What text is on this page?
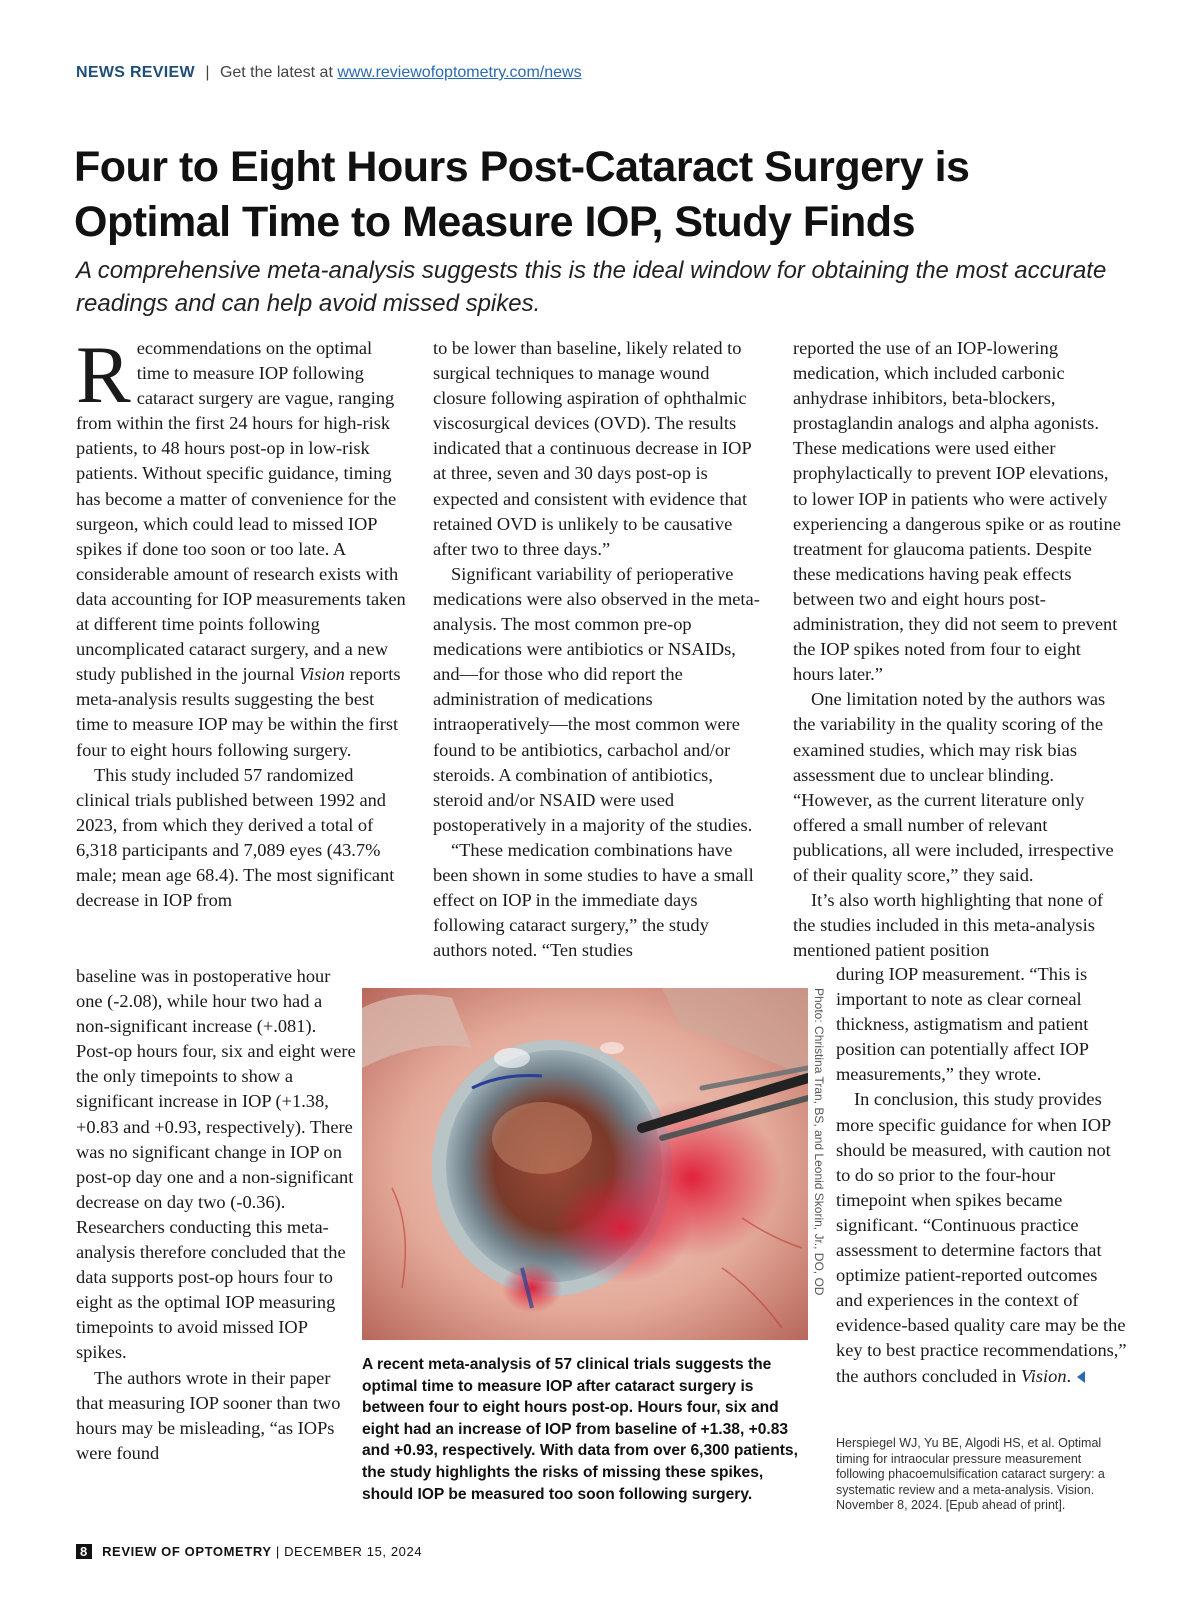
NEWS REVIEW | Get the latest at www.reviewofoptometry.com/news
Four to Eight Hours Post-Cataract Surgery is Optimal Time to Measure IOP, Study Finds
A comprehensive meta-analysis suggests this is the ideal window for obtaining the most accurate readings and can help avoid missed spikes.

Recommendations on the optimal time to measure IOP following cataract surgery are vague, ranging from within the first 24 hours for high-risk patients, to 48 hours post-op in low-risk patients. Without specific guidance, timing has become a matter of convenience for the surgeon, which could lead to missed IOP spikes if done too soon or too late. A considerable amount of research exists with data accounting for IOP measurements taken at different time points following uncomplicated cataract surgery, and a new study published in the journal Vision reports meta-analysis results suggesting the best time to measure IOP may be within the first four to eight hours following surgery.

This study included 57 randomized clinical trials published between 1992 and 2023, from which they derived a total of 6,318 participants and 7,089 eyes (43.7% male; mean age 68.4). The most significant decrease in IOP from

baseline was in postoperative hour one (-2.08), while hour two had a non-significant increase (+.081). Post-op hours four, six and eight were the only timepoints to show a significant increase in IOP (+1.38, +0.83 and +0.93, respectively). There was no significant change in IOP on post-op day one and a non-significant decrease on day two (-0.36). Researchers conducting this meta-analysis therefore concluded that the data supports post-op hours four to eight as the optimal IOP measuring timepoints to avoid missed IOP spikes.

The authors wrote in their paper that measuring IOP sooner than two hours may be misleading, “as IOPs were found

to be lower than baseline, likely related to surgical techniques to manage wound closure following aspiration of ophthalmic viscosurgical devices (OVD). The results indicated that a continuous decrease in IOP at three, seven and 30 days post-op is expected and consistent with evidence that retained OVD is unlikely to be causative after two to three days.”

Significant variability of perioperative medications were also observed in the meta-analysis. The most common pre-op medications were antibiotics or NSAIDs, and—for those who did report the administration of medications intraoperatively—the most common were found to be antibiotics, carbachol and/or steroids. A combination of antibiotics, steroid and/or NSAID were used postoperatively in a majority of the studies.

“These medication combinations have been shown in some studies to have a small effect on IOP in the immediate days following cataract surgery,” the study authors noted. “Ten studies

reported the use of an IOP-lowering medication, which included carbonic anhydrase inhibitors, beta-blockers, prostaglandin analogs and alpha agonists. These medications were used either prophylactically to prevent IOP elevations, to lower IOP in patients who were actively experiencing a dangerous spike or as routine treatment for glaucoma patients. Despite these medications having peak effects between two and eight hours post-administration, they did not seem to prevent the IOP spikes noted from four to eight hours later.”

One limitation noted by the authors was the variability in the quality scoring of the examined studies, which may risk bias assessment due to unclear blinding. “However, as the current literature only offered a small number of relevant publications, all were included, irrespective of their quality score,” they said.

It’s also worth highlighting that none of the studies included in this meta-analysis mentioned patient position

during IOP measurement. “This is important to note as clear corneal thickness, astigmatism and patient position can potentially affect IOP measurements,” they wrote.

In conclusion, this study provides more specific guidance for when IOP should be measured, with caution not to do so prior to the four-hour timepoint when spikes became significant. “Continuous practice assessment to determine factors that optimize patient-reported outcomes and experiences in the context of evidence-based quality care may be the key to best practice recommendations,” the authors concluded in Vision.

Photo: Christina Tran, BS, and Leonid Skorin, Jr., DO, OD
A recent meta-analysis of 57 clinical trials suggests the optimal time to measure IOP after cataract surgery is between four to eight hours post-op. Hours four, six and eight had an increase of IOP from baseline of +1.38, +0.83 and +0.93, respectively. With data from over 6,300 patients, the study highlights the risks of missing these spikes, should IOP be measured too soon following surgery.
Herspiegel WJ, Yu BE, Algodi HS, et al. Optimal timing for intraocular pressure measurement following phacoemulsification cataract surgery: a systematic review and a meta-analysis. Vision. November 8, 2024. [Epub ahead of print].
8 REVIEW OF OPTOMETRY | DECEMBER 15, 2024
